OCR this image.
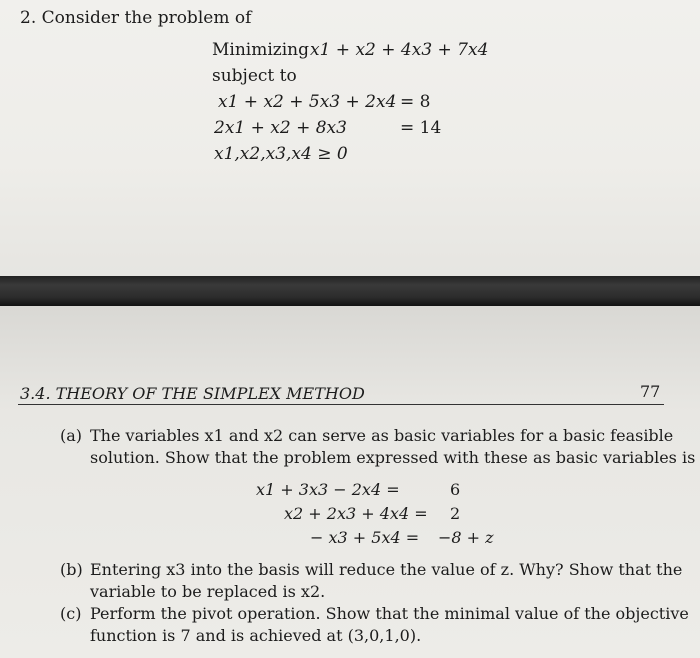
2. Consider the problem of
Minimizing x1 + x2 + 4x3 + 7x4
subject to
x1 + x2 + 5x3 + 2x4 = 8
2x1 + x2 + 8x3	= 14
x1,x2,x3,x4 ≥ 0
3.4. THEORY OF THE SIMPLEX METHOD	77
(a) The variables x1 and x2 can serve as basic variables for a basic feasible
solution. Show that the problem expressed with these as basic variables is
x1 + 3x3 − 2x4 =	6
x2 + 2x3 + 4x4 = 2
− x3 + 5x4 = −8 + z
(b) Entering x3 into the basis will reduce the value of z. Why? Show that the
variable to be replaced is x2.
(c) Perform the pivot operation. Show that the minimal value of the objective
function is 7 and is achieved at (3,0,1,0).
